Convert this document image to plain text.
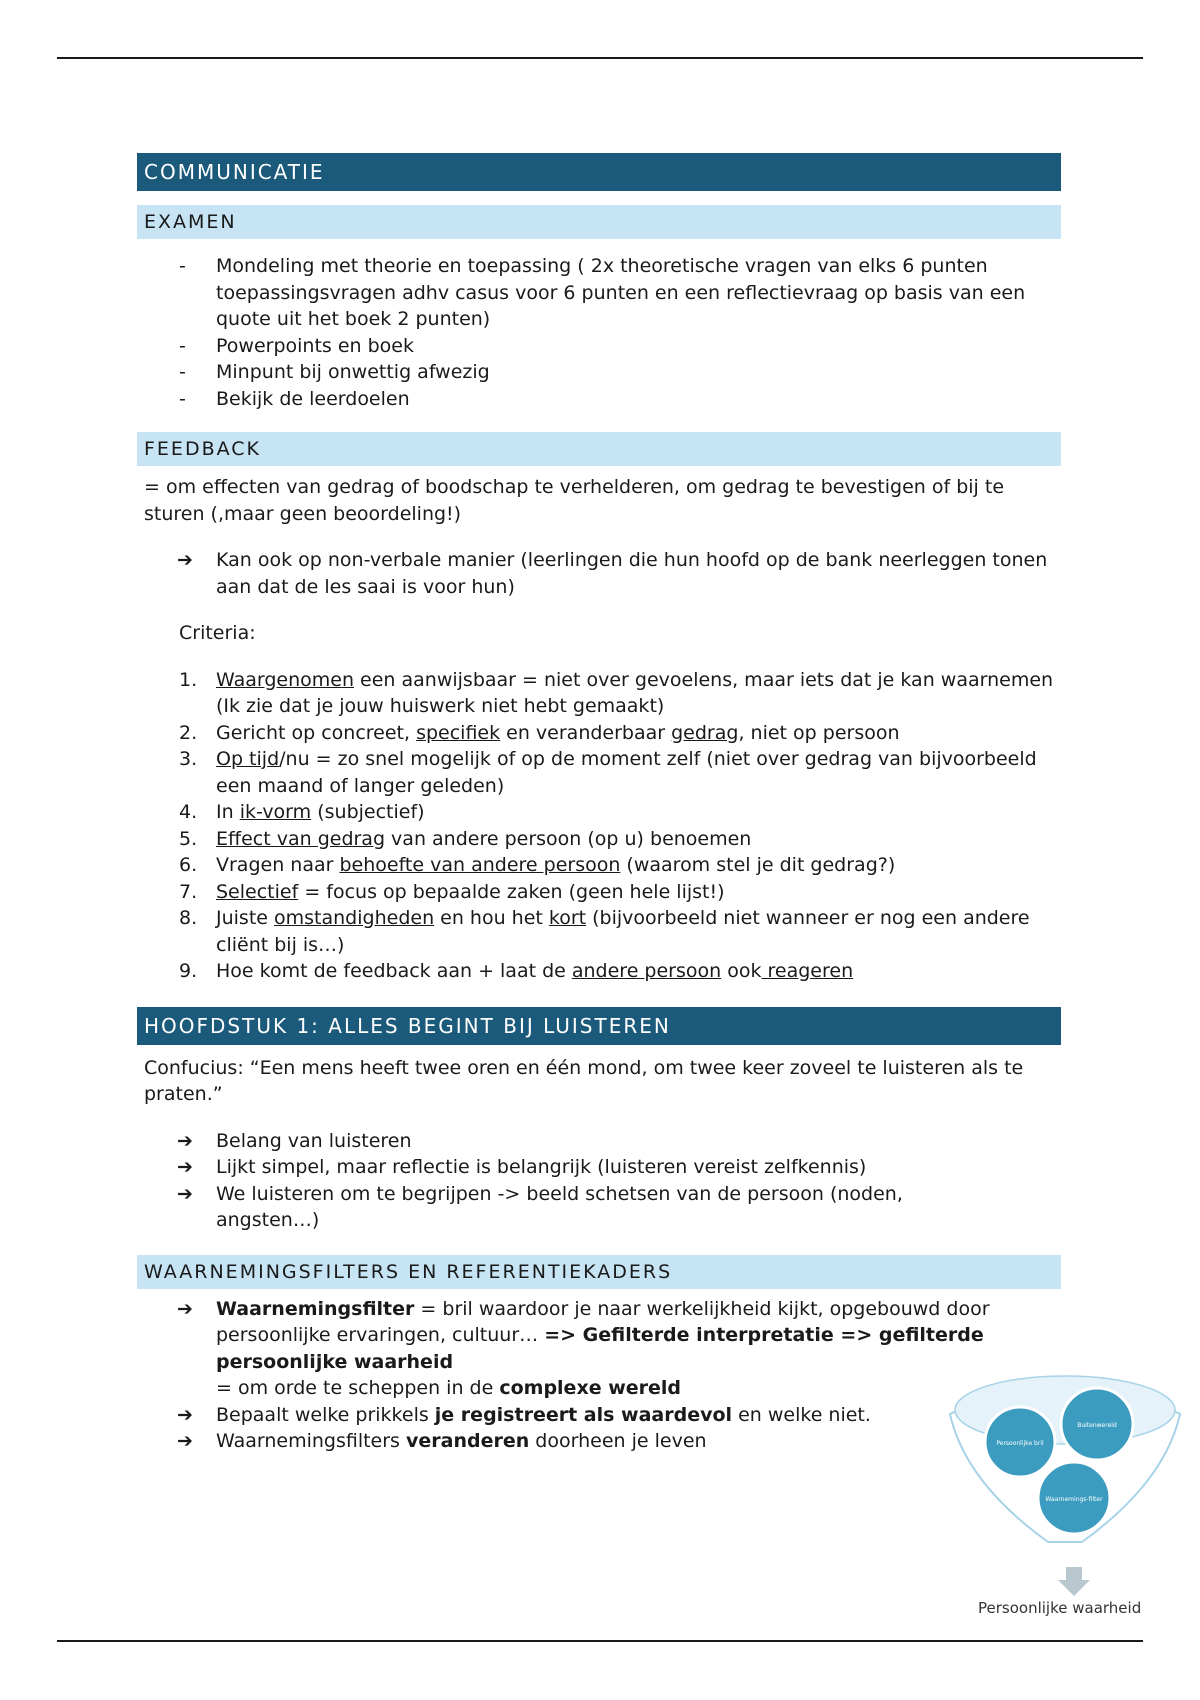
COMMUNICATIE
EXAMEN
- Mondeling met theorie en toepassing ( 2x theoretische vragen van elks 6 punten toepassingsvragen adhv casus voor 6 punten en een reflectievraag op basis van een quote uit het boek 2 punten)
- Powerpoints en boek
- Minpunt bij onwettig afwezig
- Bekijk de leerdoelen
FEEDBACK
= om effecten van gedrag of boodschap te verhelderen, om gedrag te bevestigen of bij te sturen (,maar geen beoordeling!)
➔ Kan ook op non-verbale manier (leerlingen die hun hoofd op de bank neerleggen tonen aan dat de les saai is voor hun)
Criteria:
1. Waargenomen een aanwijsbaar = niet over gevoelens, maar iets dat je kan waarnemen (Ik zie dat je jouw huiswerk niet hebt gemaakt)
2. Gericht op concreet, specifiek en veranderbaar gedrag, niet op persoon
3. Op tijd/nu = zo snel mogelijk of op de moment zelf (niet over gedrag van bijvoorbeeld een maand of langer geleden)
4. In ik-vorm (subjectief)
5. Effect van gedrag van andere persoon (op u) benoemen
6. Vragen naar behoefte van andere persoon (waarom stel je dit gedrag?)
7. Selectief = focus op bepaalde zaken (geen hele lijst!)
8. Juiste omstandigheden en hou het kort (bijvoorbeeld niet wanneer er nog een andere cliënt bij is…)
9. Hoe komt de feedback aan + laat de andere persoon ook reageren
HOOFDSTUK 1: ALLES BEGINT BIJ LUISTEREN
Confucius: “Een mens heeft twee oren en één mond, om twee keer zoveel te luisteren als te praten.”
➔ Belang van luisteren
➔ Lijkt simpel, maar reflectie is belangrijk (luisteren vereist zelfkennis)
➔ We luisteren om te begrijpen -> beeld schetsen van de persoon (noden, angsten…)
WAARNEMINGSFILTERS EN REFERENTIEKADERS
➔ Waarnemingsfilter = bril waardoor je naar werkelijkheid kijkt, opgebouwd door persoonlijke ervaringen, cultuur… => Gefilterde interpretatie => gefilterde persoonlijke waarheid
= om orde te scheppen in de complexe wereld
➔ Bepaalt welke prikkels je registreert als waardevol en welke niet.
➔ Waarnemingsfilters veranderen doorheen je leven	Persoonlijke bril
Buitenwereld
Waarnemings-filter
Persoonlijke waarheid
